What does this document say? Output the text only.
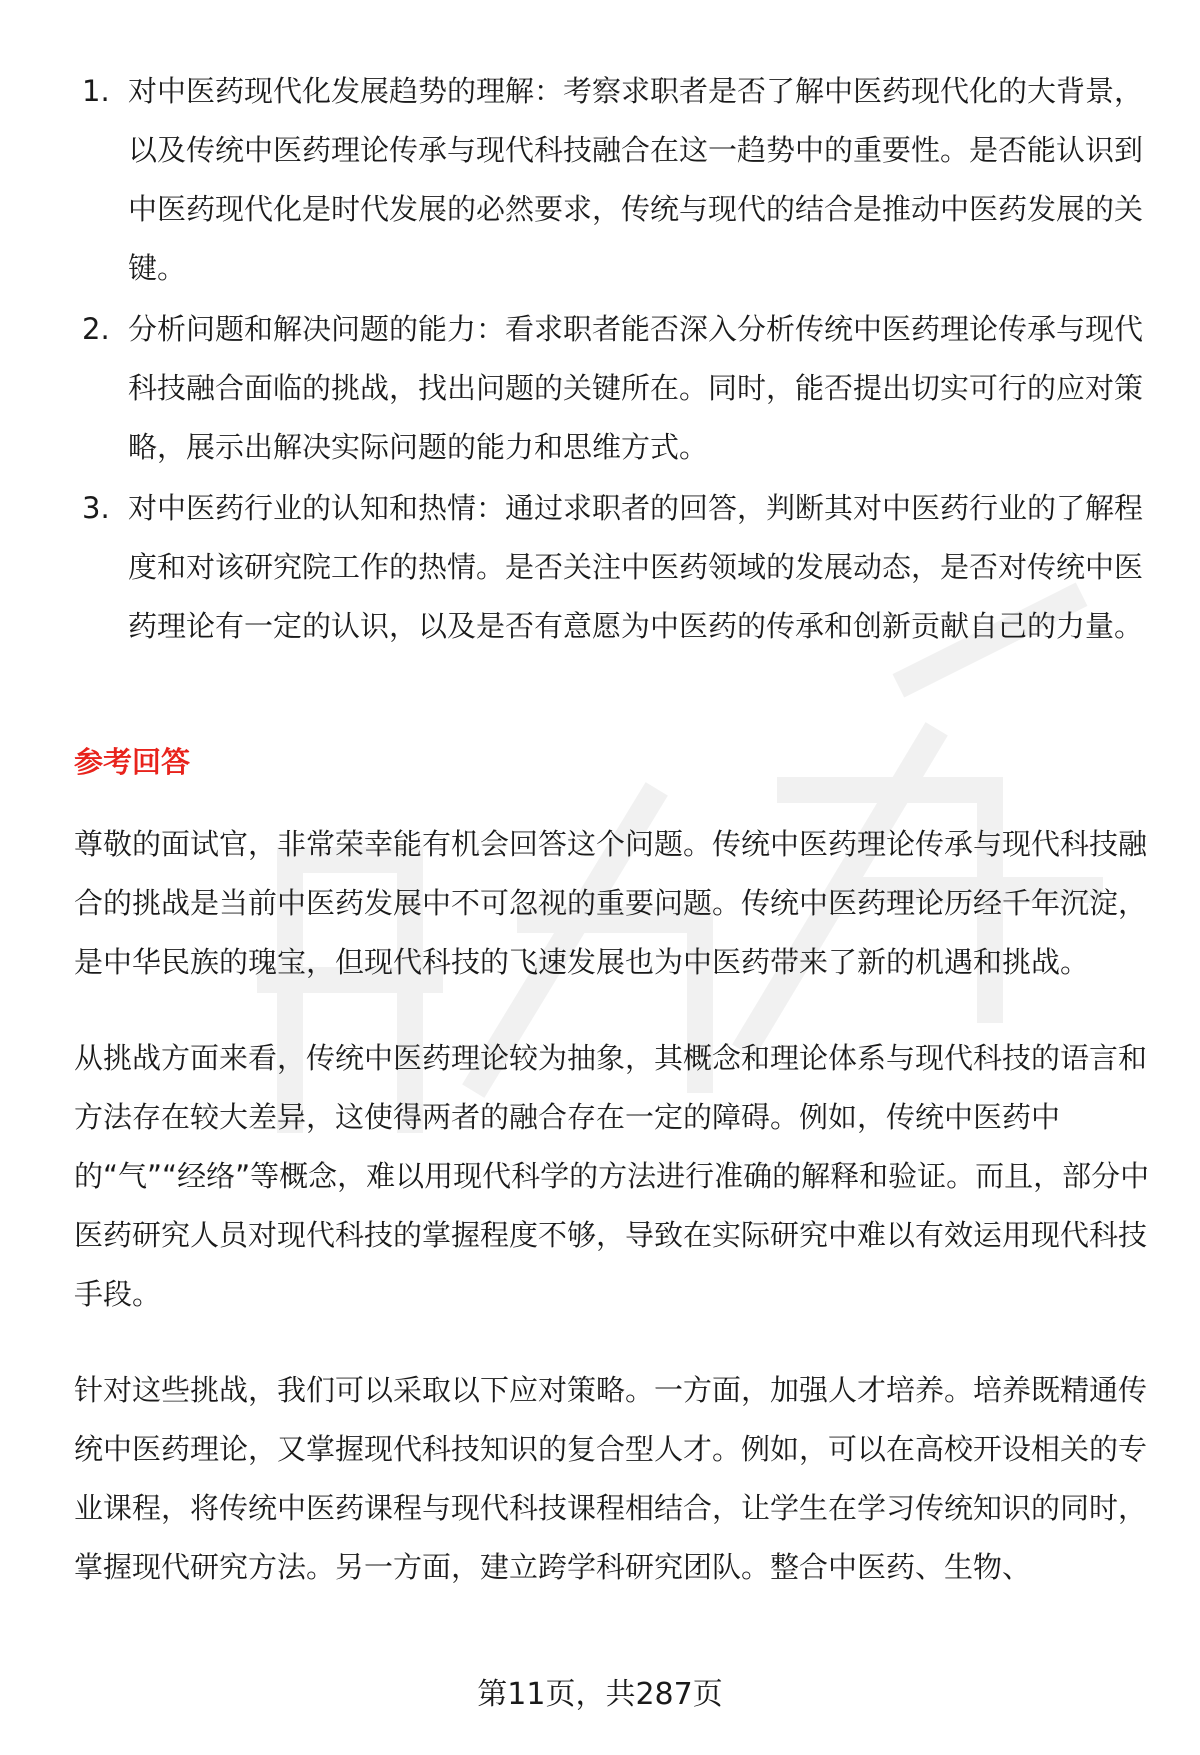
1. 对中医药现代化发展趋势的理解：考察求职者是否了解中医药现代化的大背景，以及传统中医药理论传承与现代科技融合在这一趋势中的重要性。是否能认识到中医药现代化是时代发展的必然要求，传统与现代的结合是推动中医药发展的关键。
2. 分析问题和解决问题的能力：看求职者能否深入分析传统中医药理论传承与现代科技融合面临的挑战，找出问题的关键所在。同时，能否提出切实可行的应对策略，展示出解决实际问题的能力和思维方式。
3. 对中医药行业的认知和热情：通过求职者的回答，判断其对中医药行业的了解程度和对该研究院工作的热情。是否关注中医药领域的发展动态，是否对传统中医药理论有一定的认识，以及是否有意愿为中医药的传承和创新贡献自己的力量。
参考回答

尊敬的面试官，非常荣幸能有机会回答这个问题。传统中医药理论传承与现代科技融合的挑战是当前中医药发展中不可忽视的重要问题。传统中医药理论历经千年沉淀，是中华民族的瑰宝，但现代科技的飞速发展也为中医药带来了新的机遇和挑战。

从挑战方面来看，传统中医药理论较为抽象，其概念和理论体系与现代科技的语言和方法存在较大差异，这使得两者的融合存在一定的障碍。例如，传统中医药中的“气”“经络”等概念，难以用现代科学的方法进行准确的解释和验证。而且，部分中医药研究人员对现代科技的掌握程度不够，导致在实际研究中难以有效运用现代科技手段。

针对这些挑战，我们可以采取以下应对策略。一方面，加强人才培养。培养既精通传统中医药理论，又掌握现代科技知识的复合型人才。例如，可以在高校开设相关的专业课程，将传统中医药课程与现代科技课程相结合，让学生在学习传统知识的同时，掌握现代研究方法。另一方面，建立跨学科研究团队。整合中医药、生物、

第11页，共287页
